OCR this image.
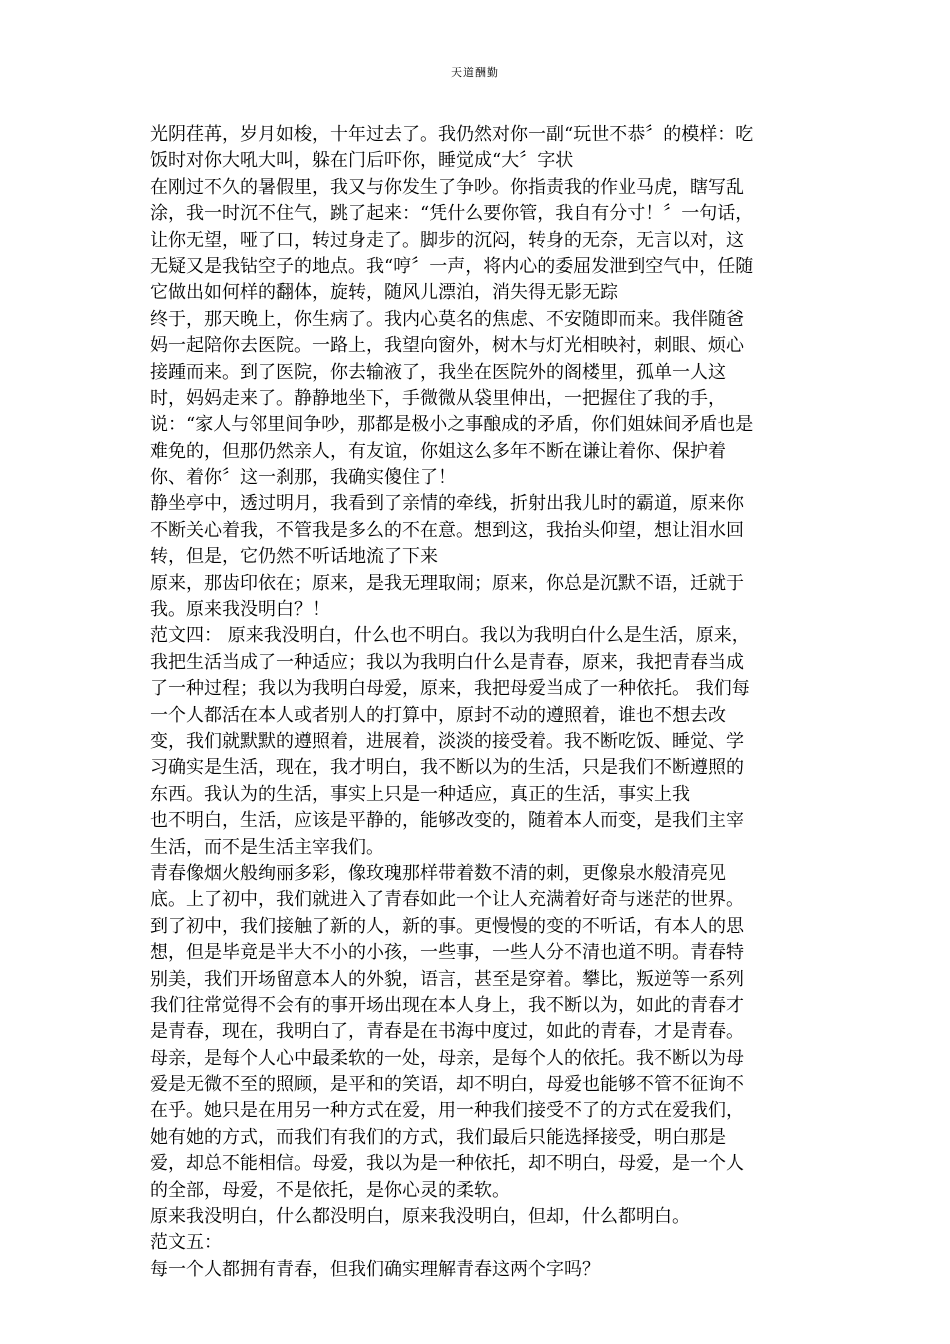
天道酬勤
光阴荏苒，岁月如梭，十年过去了。我仍然对你一副“玩世不恭〞的模样：吃
饭时对你大吼大叫，躲在门后吓你，睡觉成“大〞字状
在刚过不久的暑假里，我又与你发生了争吵。你指责我的作业马虎，瞎写乱
涂，我一时沉不住气，跳了起来：“凭什么要你管，我自有分寸！〞一句话，
让你无望，哑了口，转过身走了。脚步的沉闷，转身的无奈，无言以对，这
无疑又是我钻空子的地点。我“哼〞一声，将内心的委屈发泄到空气中，任随
它做出如何样的翻体，旋转，随风儿漂泊，消失得无影无踪
终于，那天晚上，你生病了。我内心莫名的焦虑、不安随即而来。我伴随爸
妈一起陪你去医院。一路上，我望向窗外，树木与灯光相映衬，刺眼、烦心
接踵而来。到了医院，你去输液了，我坐在医院外的阁楼里，孤单一人这
时，妈妈走来了。静静地坐下，手微微从袋里伸出，一把握住了我的手，
说：“家人与邻里间争吵，那都是极小之事酿成的矛盾，你们姐妹间矛盾也是
难免的，但那仍然亲人，有友谊，你姐这么多年不断在谦让着你、保护着
你、着你〞这一刹那，我确实傻住了！
静坐亭中，透过明月，我看到了亲情的牵线，折射出我儿时的霸道，原来你
不断关心着我，不管我是多么的不在意。想到这，我抬头仰望，想让泪水回
转，但是，它仍然不听话地流了下来
原来，那齿印依在；原来，是我无理取闹；原来，你总是沉默不语，迁就于
我。原来我没明白？！
范文四： 原来我没明白，什么也不明白。我以为我明白什么是生活，原来，
我把生活当成了一种适应；我以为我明白什么是青春，原来，我把青春当成
了一种过程；我以为我明白母爱，原来，我把母爱当成了一种依托。 我们每
一个人都活在本人或者别人的打算中，原封不动的遵照着，谁也不想去改
变，我们就默默的遵照着，进展着，淡淡的接受着。我不断吃饭、睡觉、学
习确实是生活，现在，我才明白，我不断以为的生活，只是我们不断遵照的
东西。我认为的生活，事实上只是一种适应，真正的生活，事实上我
也不明白，生活，应该是平静的，能够改变的，随着本人而变，是我们主宰
生活，而不是生活主宰我们。
青春像烟火般绚丽多彩，像玫瑰那样带着数不清的刺，更像泉水般清亮见
底。上了初中，我们就进入了青春如此一个让人充满着好奇与迷茫的世界。
到了初中，我们接触了新的人，新的事。更慢慢的变的不听话，有本人的思
想，但是毕竟是半大不小的小孩，一些事，一些人分不清也道不明。青春特
别美，我们开场留意本人的外貌，语言，甚至是穿着。攀比，叛逆等一系列
我们往常觉得不会有的事开场出现在本人身上，我不断以为，如此的青春才
是青春，现在，我明白了，青春是在书海中度过，如此的青春，才是青春。
母亲，是每个人心中最柔软的一处，母亲，是每个人的依托。我不断以为母
爱是无微不至的照顾，是平和的笑语，却不明白，母爱也能够不管不征询不
在乎。她只是在用另一种方式在爱，用一种我们接受不了的方式在爱我们，
她有她的方式，而我们有我们的方式，我们最后只能选择接受，明白那是
爱，却总不能相信。母爱，我以为是一种依托，却不明白，母爱，是一个人
的全部，母爱，不是依托，是你心灵的柔软。
原来我没明白，什么都没明白，原来我没明白，但却，什么都明白。
范文五：
每一个人都拥有青春，但我们确实理解青春这两个字吗？
